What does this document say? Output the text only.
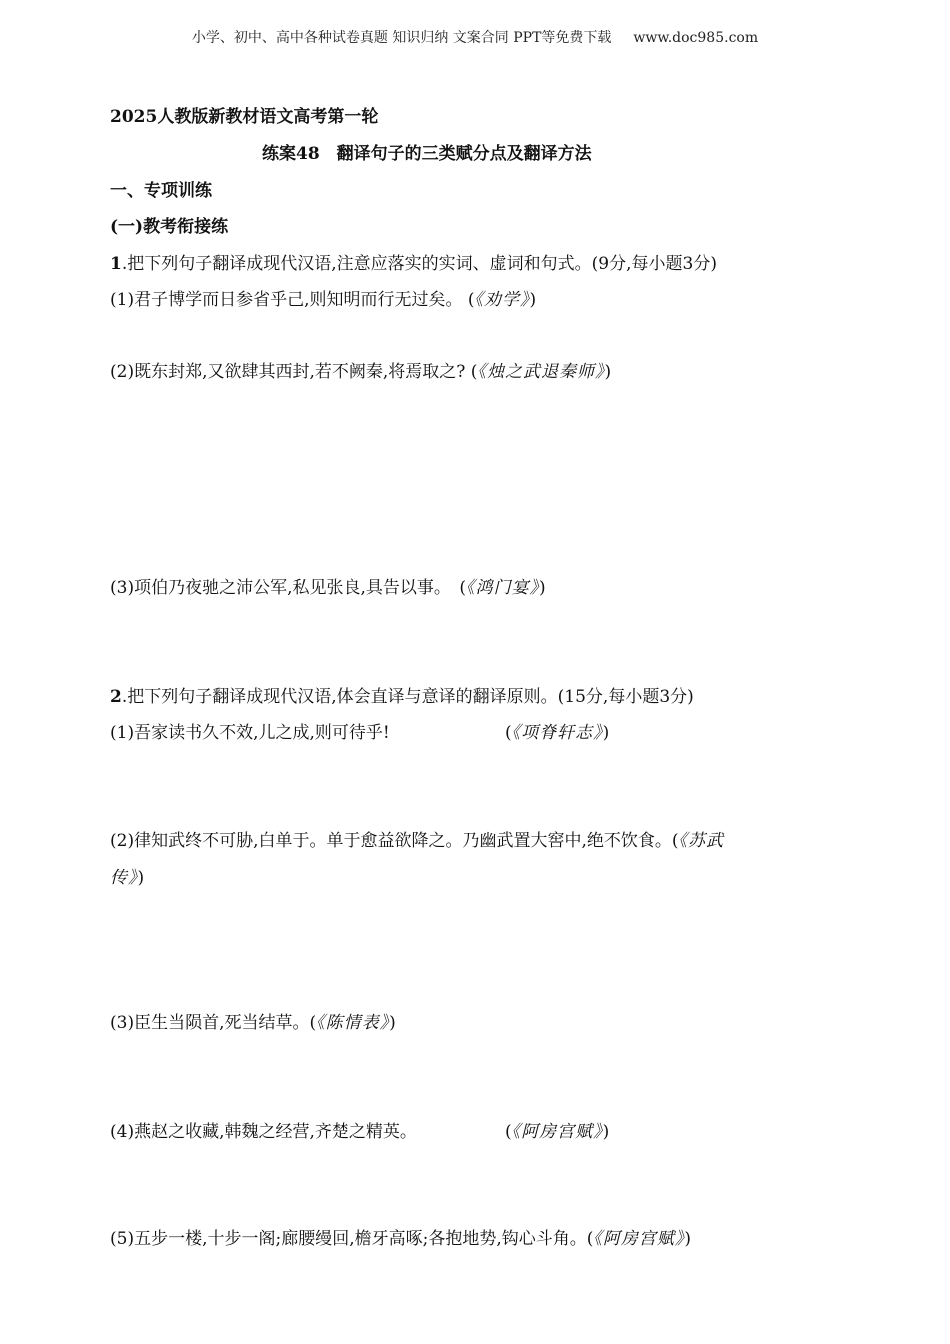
小学、初中、高中各种试卷真题 知识归纳 文案合同 PPT等免费下载 www.doc985.com
2025人教版新教材语文高考第一轮
练案48　翻译句子的三类赋分点及翻译方法
一、专项训练
(一)教考衔接练
1.把下列句子翻译成现代汉语,注意应落实的实词、虚词和句式。(9分,每小题3分)
(1)君子博学而日参省乎己,则知明而行无过矣。 (《劝学》)
(2)既东封郑,又欲肆其西封,若不阙秦,将焉取之? (《烛之武退秦师》)
(3)项伯乃夜驰之沛公军,私见张良,具告以事。　(《鸿门宴》)
2.把下列句子翻译成现代汉语,体会直译与意译的翻译原则。(15分,每小题3分)
(1)吾家读书久不效,儿之成,则可待乎!	(《项脊轩志》)
(2)律知武终不可胁,白单于。单于愈益欲降之。乃幽武置大窖中,绝不饮食。(《苏武
传》)
(3)臣生当陨首,死当结草。(《陈情表》)
(4)燕赵之收藏,韩魏之经营,齐楚之精英。	(《阿房宫赋》)
(5)五步一楼,十步一阁;廊腰缦回,檐牙高啄;各抱地势,钩心斗角。(《阿房宫赋》)
